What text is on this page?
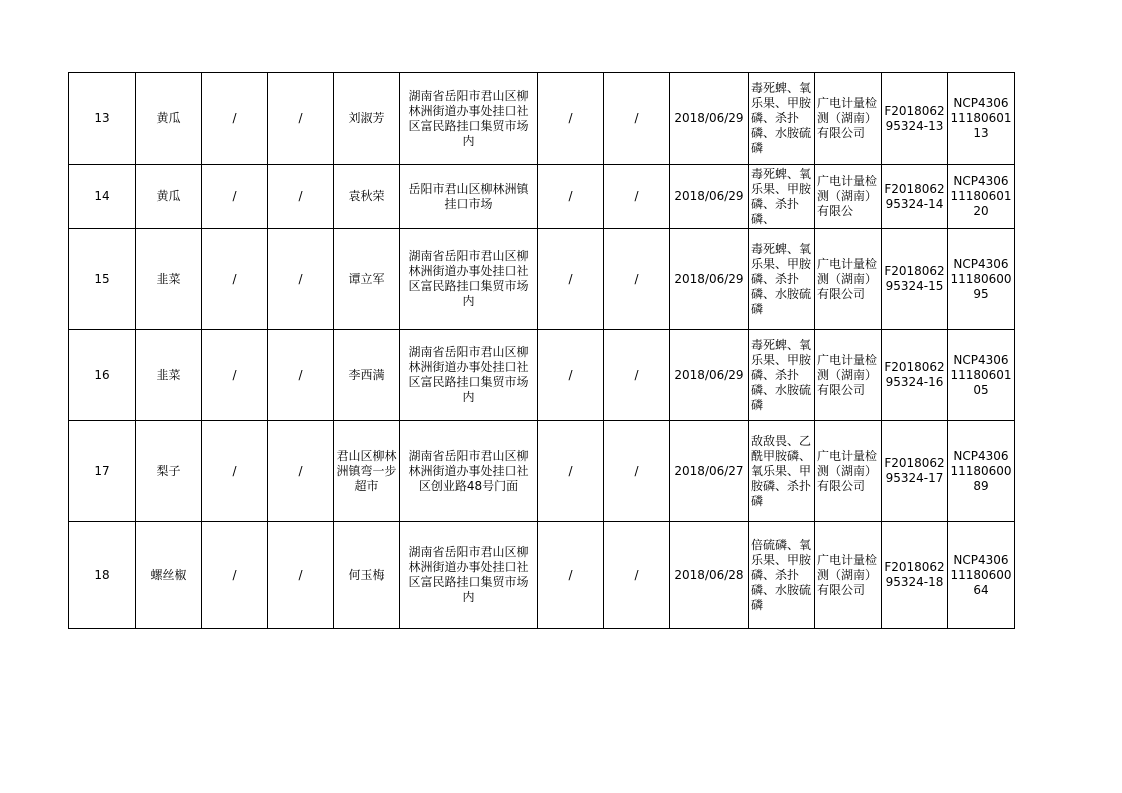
13	黄瓜	/	/	刘淑芳	湖南省岳阳市君山区柳林洲街道办事处挂口社区富民路挂口集贸市场内	/	/	2018/06/29	毒死蜱、氧乐果、甲胺磷、杀扑磷、水胺硫磷	广电计量检测（湖南）有限公司	F2018062 95324-13	NCP4306 11180601 13
14	黄瓜	/	/	袁秋荣	岳阳市君山区柳林洲镇挂口市场	/	/	2018/06/29	毒死蜱、氧乐果、甲胺磷、杀扑磷、	广电计量检测（湖南）有限公	F2018062 95324-14	NCP4306 11180601 20
15	韭菜	/	/	谭立军	湖南省岳阳市君山区柳林洲街道办事处挂口社区富民路挂口集贸市场内	/	/	2018/06/29	毒死蜱、氧乐果、甲胺磷、杀扑磷、水胺硫磷	广电计量检测（湖南）有限公司	F2018062 95324-15	NCP4306 11180600 95
16	韭菜	/	/	李西满	湖南省岳阳市君山区柳林洲街道办事处挂口社区富民路挂口集贸市场内	/	/	2018/06/29	毒死蜱、氧乐果、甲胺磷、杀扑磷、水胺硫磷	广电计量检测（湖南）有限公司	F2018062 95324-16	NCP4306 11180601 05
17	梨子	/	/	君山区柳林洲镇弯一步超市	湖南省岳阳市君山区柳林洲街道办事处挂口社区创业路48号门面	/	/	2018/06/27	敌敌畏、乙酰甲胺磷、氧乐果、甲胺磷、杀扑磷	广电计量检测（湖南）有限公司	F2018062 95324-17	NCP4306 11180600 89
18	螺丝椒	/	/	何玉梅	湖南省岳阳市君山区柳林洲街道办事处挂口社区富民路挂口集贸市场内	/	/	2018/06/28	倍硫磷、氧乐果、甲胺磷、杀扑磷、水胺硫磷	广电计量检测（湖南）有限公司	F2018062 95324-18	NCP4306 11180600 64
